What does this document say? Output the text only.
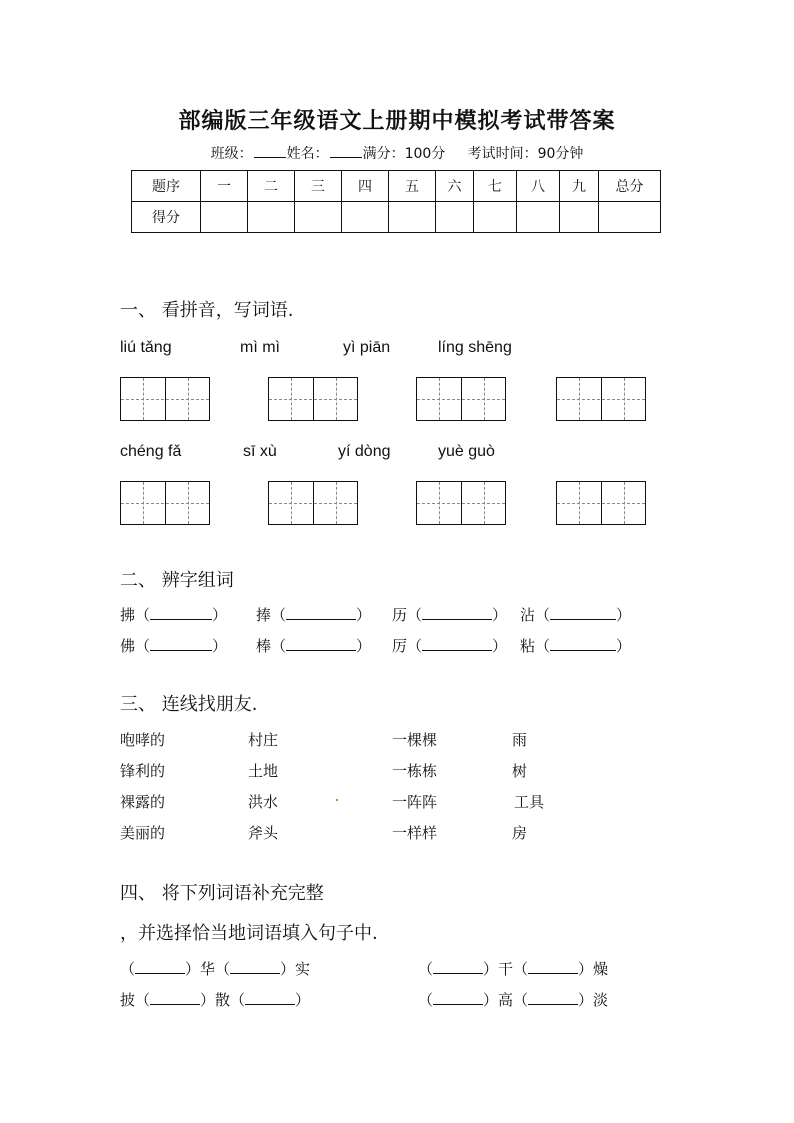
部编版三年级语文上册期中模拟考试带答案
班级： 姓名： 满分：100分 考试时间：90分钟
题序	一	二	三	四	五	六	七	八	九	总分
得分										
一、 看拼音，写词语.
liú tǎng	mì mì	yì piān	líng shēng
chéng fǎ	sī xù	yí dòng	yuè guò
二、 辨字组词
拂（	） 捧（	） 历（	） 沾（	）
佛（	） 棒（	） 厉（	） 粘（	）
三、 连线找朋友.
咆哮的	村庄	一棵棵	雨
锋利的	土地	一栋栋	树
裸露的	洪水	一阵阵	工具
美丽的	斧头	一样样	房
四、 将下列词语补充完整
，并选择恰当地词语填入句子中.
（	）华（	）实	（	）干（	）燥
披（	）散（	）	（	）高（	）淡
